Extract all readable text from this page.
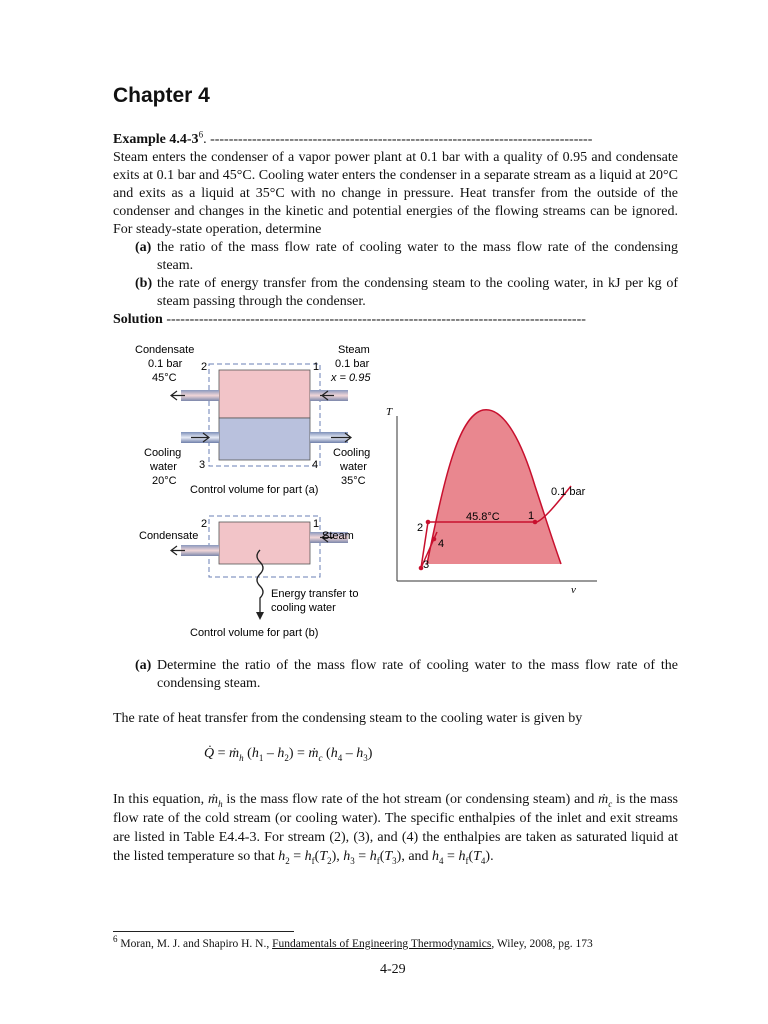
Chapter 4
Example $4.4-3^6$. ----------------------------------------------------------------------------------
Steam enters the condenser of a vapor power plant at 0.1 bar with a quality of 0.95 and condensate exits at 0.1 bar and 45°C. Cooling water enters the condenser in a separate stream as a liquid at 20°C and exits as a liquid at 35°C with no change in pressure. Heat transfer from the outside of the condenser and changes in the kinetic and potential energies of the flowing streams can be ignored. For steady-state operation, determine
(a) the ratio of the mass flow rate of cooling water to the mass flow rate of the condensing steam.
(b) the rate of energy transfer from the condensing steam to the cooling water, in kJ per kg of steam passing through the condenser.
Solution ------------------------------------------------------------------------------------------
Condensate
0.1 bar
45°C
2	1
Steam
0.1 bar
x = 0.95
Cooling
water
20°C
3	4
Cooling
water
35°C
Control volume for part (a)
Condensate
2	1
Steam
Energy transfer to
cooling water
Control volume for part (b)
T
v
45.8°C
0.1 bar
1
2
3
4
(a) Determine the ratio of the mass flow rate of cooling water to the mass flow rate of the condensing steam.
The rate of heat transfer from the condensing steam to the cooling water is given by
Q̇ = $ṁ_h$ $(h_1 - h_2)$ = $ṁ_c$ $(h_4 - h_3)$
In this equation, $ṁ_h$ is the mass flow rate of the hot stream (or condensing steam) and $ṁ_c$ is the mass flow rate of the cold stream (or cooling water). The specific enthalpies of the inlet and exit streams are listed in Table E4.4-3. For stream (2), (3), and (4) the enthalpies are taken as saturated liquid at the listed temperature so that $h_2 = h_f(T_2)$, $h_3 = h_f(T_3)$, and $h_4 = h_f(T_4)$.
$^6$ Moran, M. J. and Shapiro H. N., Fundamentals of Engineering Thermodynamics, Wiley, 2008, pg. 173
4-29
